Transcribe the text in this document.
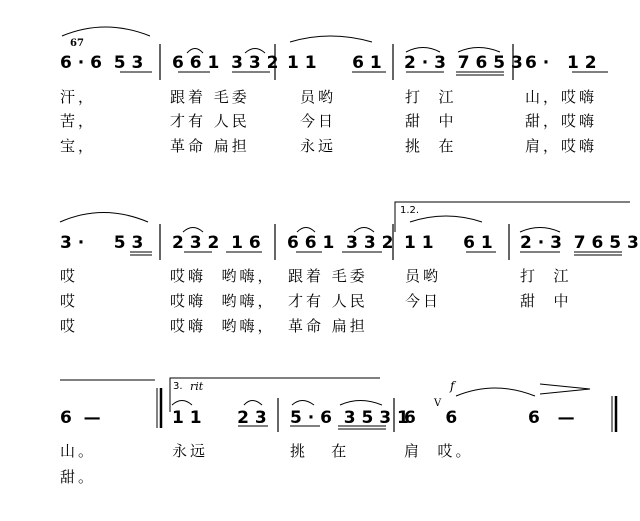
67
6 · 6  5 3 6 6 1  3 3 2 1 1      6 1 2 · 3  7 6 5 3 6 ·   1 2
汗，	跟着 毛委	员哟	打  江	山，哎嗨
苦，	才有 人民	今日	甜  中	甜，哎嗨
宝，	革命 扁担	永远	挑  在	肩，哎嗨
1.2.
3 ·     5 3 2 3 2  1 6 6 6 1  3 3 2 1 1     6 1 2 · 3  7 6 5 3
哎	哎嗨  哟嗨， 跟着 毛委 员哟	打  江
哎	哎嗨  哟嗨， 才有 人民 今日	甜  中
哎	哎嗨  哟嗨， 革命 扁担
3. rit	f
V
6  —	1 1      2 3 5 · 6  3 5 3 1
6     6	6   —
山。	永远	挑   在	肩  哎。
甜。
